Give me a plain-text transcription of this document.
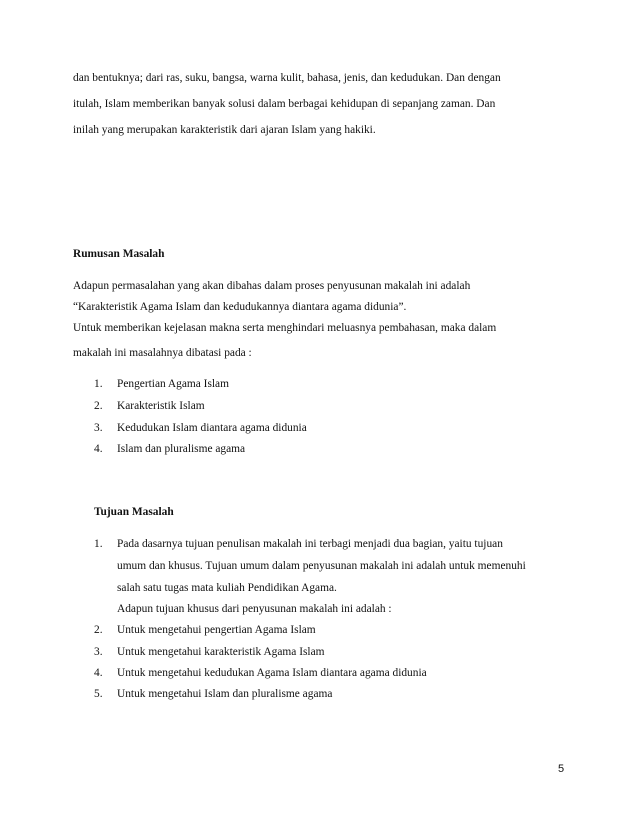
dan bentuknya; dari ras, suku, bangsa, warna kulit, bahasa, jenis, dan kedudukan. Dan dengan
itulah, Islam memberikan banyak solusi dalam berbagai kehidupan di sepanjang zaman. Dan
inilah yang merupakan karakteristik dari ajaran Islam yang hakiki.
Rumusan Masalah
Adapun permasalahan yang akan dibahas dalam proses penyusunan makalah ini adalah
“Karakteristik Agama Islam dan kedudukannya diantara agama didunia”.
Untuk memberikan kejelasan makna serta menghindari meluasnya pembahasan, maka dalam
makalah ini masalahnya dibatasi pada :
1. Pengertian Agama Islam
2. Karakteristik Islam
3. Kedudukan Islam diantara agama didunia
4. Islam dan pluralisme agama
Tujuan Masalah
1. Pada dasarnya tujuan penulisan makalah ini terbagi menjadi dua bagian, yaitu tujuan
umum dan khusus. Tujuan umum dalam penyusunan makalah ini adalah untuk memenuhi
salah satu tugas mata kuliah Pendidikan Agama.
Adapun tujuan khusus dari penyusunan makalah ini adalah :
2. Untuk mengetahui pengertian Agama Islam
3. Untuk mengetahui karakteristik Agama Islam
4. Untuk mengetahui kedudukan Agama Islam diantara agama didunia
5. Untuk mengetahui Islam dan pluralisme agama
5
